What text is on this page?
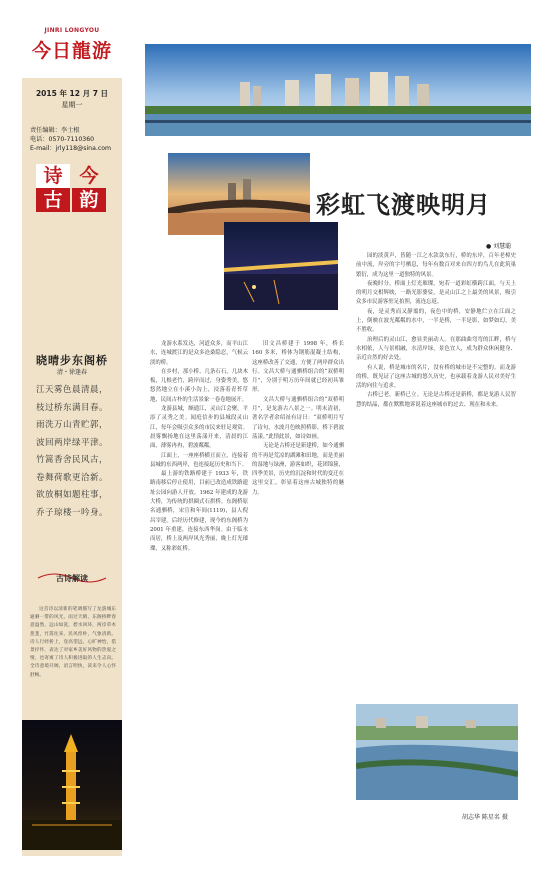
JINRI LONGYOU
今日龍游
2015 年 12 月 7 日
星期一
责任编辑：李士根
电话：0570-7110360
E-mail：jrly118@sina.com
古
诗 今
韵
晓晴步东阁桥
清・徐逢春
江天雾色晨清晨，
枝过桥东满目春。
雨洗万山青贮郭，
波回两岸绿平津。
竹篙香舍民风古，
卷舞荷歌更洽新。
欲放桐如题柱事，
乔子琼楼一吟身。
古诗解读
这首诗以清新的笔调描写了龙游城东通驷一带的风光，雨过天晴，东阁桥畔春意盎然，远山如洗，碧水回环，两岸草木葱茏，竹篙往来，民风淳朴，气象清新。诗人行经桥上，登高望远，心旷神怡，借景抒怀，表达了对家乡美好风物的热爱之情，也寄寓了诗人积极进取的人生志向。全诗意境开阔，语言明快，读来令人心怀舒畅。
彩虹飞渡映明月
● 刘慧聪

龙游水系发达，河道众多，而平山江水，连城渡江的是众多沧桑隐忍，气候云淡的桥。

在乡村，那小桥、几条石石，几块木板，几根老竹，跨岸而过，身姿秀美，悠悠然地立在小溪小沟上，浸落着青苔草地，民间古朴的生活景象一卷卷地展开。

龙游县城，颇通江，灵山江会聚，平添了灵秀之美。闻庭信步的县城段灵山江，每年会吸引众多的市民来驻足观赏。晨雾飘扬地在这里荡漾开来，清晨的江面，薄雾冉冉，碧波粼粼。

江面上，一座座桥横亘而立，连接着县城的东西两岸，也连接起历史和当下。

最上游的铁路桥建于 1933 年，铁路南移后停止使用，目前已改造成铁路遗址公园向游人开放。1962 年建成的龙游大桥，为传统的拱圈式石拱桥。东阁桥原名通驷桥，宋宣和年间(1119)，县人倪昌宰建。后经历代修建，现今的东阁桥为 2001 年重建，连接东西华岗。由于临水而居，桥上及两岸风光秀丽，晚上灯光璀璨，又称彩虹桥。

旧文昌桥建于 1998 年，桥长 160 多米，桥体为钢筋混凝土结构，这座桥改善了交通，方便了两岸群众出行。文昌大桥与通驷桥组合的“双桥明月”，分别于明万历年间就已经初具雏形。

文昌大桥与通驷桥组合的“双桥明月”，是龙游古八景之一。明末清初，著名学者余绍祉有诗曰：“双桥明月写了诗句，水波月色映照桥影，桥下碧波荡漾。”此情此景，如诗如画。

无论是古桥还是新建桥，如今通驷的不再是荒凉的湖滩和田地，而是美丽的湿地与绿洲，游客如织，花团锦簇，四季美景，历史的沉淀和时代的变迁在这里交汇，彰显着这座古城独特的魅力。

园的淡黄声，皆随一江之水款款东行，桥的东岸，百年老樟史前中流，岸旁的字号栖息，每年有数百对来自四方的鸟儿在此筑巢繁衍，成为这里一道独特的风景。

夜晚时分，桥面上灯光璀璨，宛若一道彩虹横跨江面，与天上的明月交相辉映，一路光影婆娑，是灵山江之上最美的风景，吸引众多市民游客驻足拍照，流连忘返。

夜，是灵秀而又静谧的，夜色中的桥，安静地伫立在江面之上，倒映在波光粼粼的水中，一半是桥，一半是影，如梦如幻，美不胜收。

治理后的灵山江，愈显美丽动人。在那曲曲弯弯的江畔，桥与水相依，人与景相融，水清岸绿，景色宜人，成为群众休闲健身、亲近自然的好去处。

有人说，桥是城市的名片，没有桥的城市是不完整的。而龙游的桥，既见证了这座古城的悠久历史，也承载着龙游人民对美好生活的向往与追求。

古桥已老，新桥已立。无论是古桥还是新桥，都是龙游人民智慧的结晶，都在默默地诉说着这座城市的过去、现在和未来。

胡志华 陈星名 摄
